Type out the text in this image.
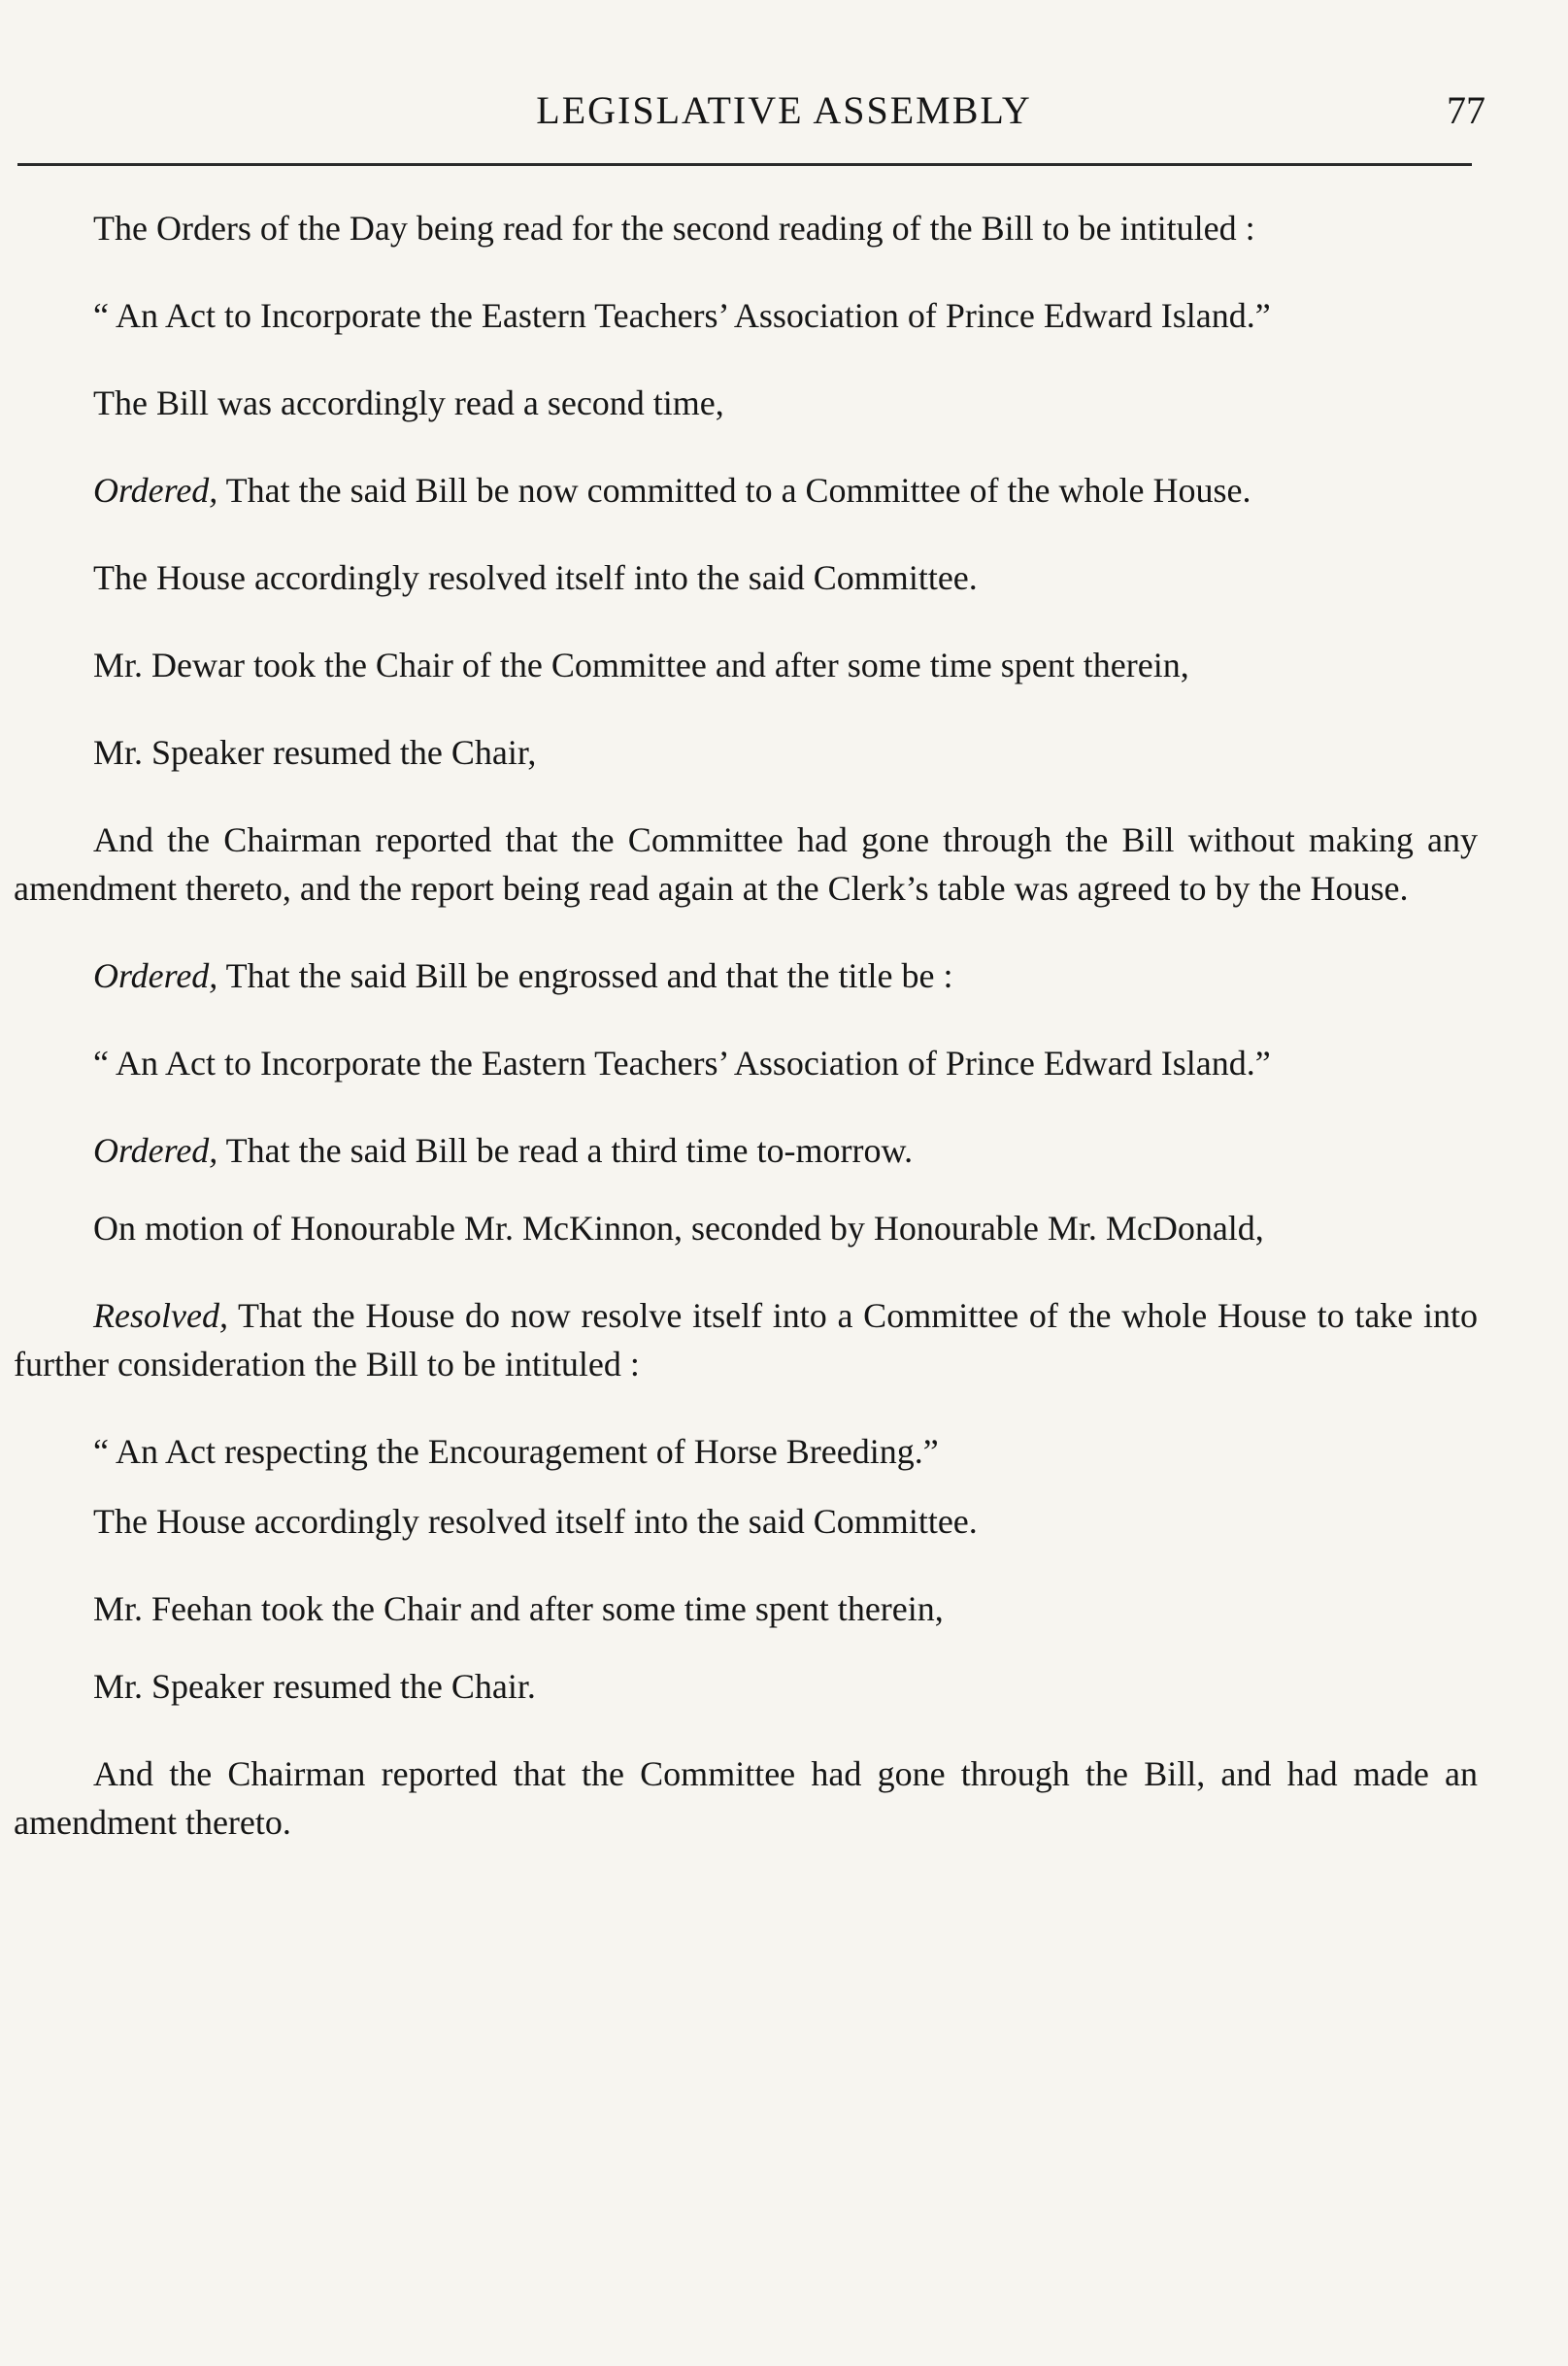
LEGISLATIVE ASSEMBLY	77

The Orders of the Day being read for the second reading of the Bill to be intituled :

“ An Act to Incorporate the Eastern Teachers’ Association of Prince Edward Island.”

The Bill was accordingly read a second time,

Ordered, That the said Bill be now committed to a Committee of the whole House.

The House accordingly resolved itself into the said Committee.

Mr. Dewar took the Chair of the Committee and after some time spent therein,

Mr. Speaker resumed the Chair,

And the Chairman reported that the Committee had gone through the Bill without making any amendment thereto, and the report being read again at the Clerk’s table was agreed to by the House.

Ordered, That the said Bill be engrossed and that the title be :

“ An Act to Incorporate the Eastern Teachers’ Association of Prince Edward Island.”

Ordered, That the said Bill be read a third time to-morrow.

On motion of Honourable Mr. McKinnon, seconded by Honourable Mr. McDonald,

Resolved, That the House do now resolve itself into a Committee of the whole House to take into further consideration the Bill to be intituled :

“ An Act respecting the Encouragement of Horse Breeding.”

The House accordingly resolved itself into the said Committee.

Mr. Feehan took the Chair and after some time spent therein,

Mr. Speaker resumed the Chair.

And the Chairman reported that the Committee had gone through the Bill, and had made an amendment thereto.
